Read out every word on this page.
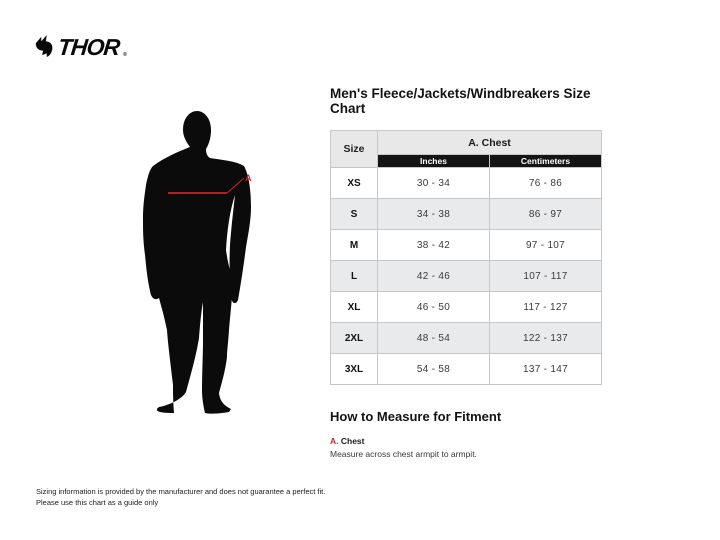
THOR ®
A
Men's Fleece/Jackets/Windbreakers Size Chart
Size	A. Chest	
	Inches	Centimeters
XS	30 - 34	76 - 86
S	34 - 38	86 - 97
M	38 - 42	97 - 107
L	42 - 46	107 - 117
XL	46 - 50	117 - 127
2XL	48 - 54	122 - 137
3XL	54 - 58	137 - 147
How to Measure for Fitment
A. Chest
Measure across chest armpit to armpit.
Sizing information is provided by the manufacturer and does not guarantee a perfect fit.
Please use this chart as a guide only
